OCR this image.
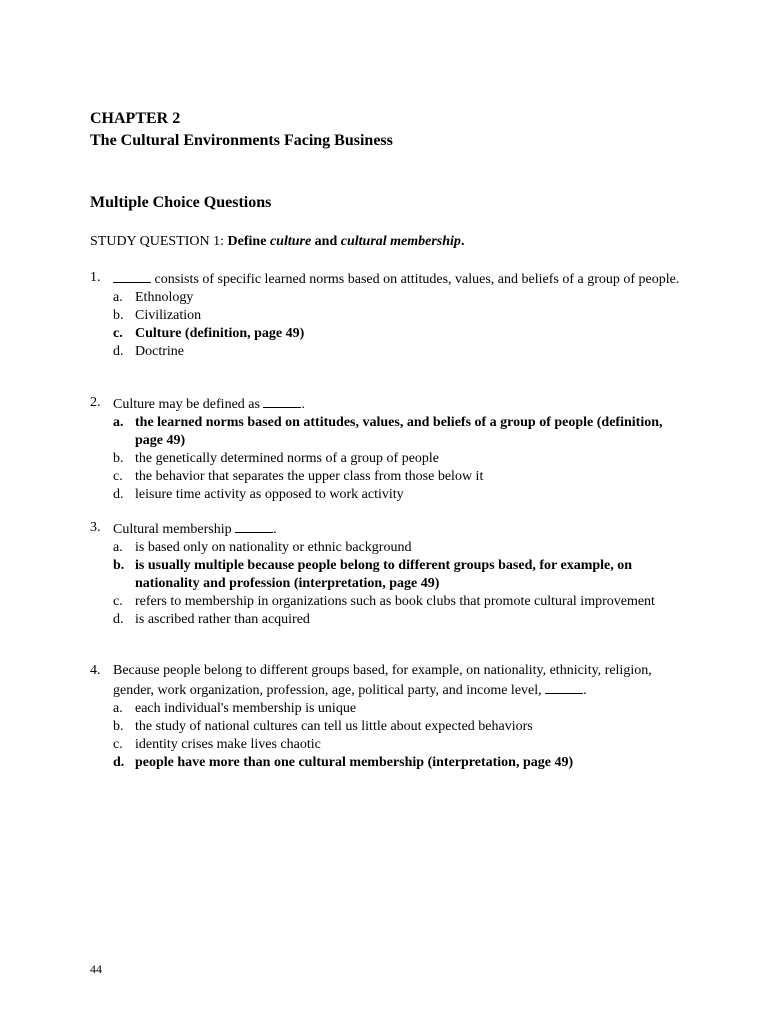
CHAPTER 2
The Cultural Environments Facing Business
Multiple Choice Questions
STUDY QUESTION 1: Define culture and cultural membership.
1.	consists of specific learned norms based on attitudes, values, and beliefs of a group of people.
a. Ethnology
b. Civilization
c. Culture (definition, page 49)
d. Doctrine
2. Culture may be defined as	.
a. the learned norms based on attitudes, values, and beliefs of a group of people (definition, page 49)
b. the genetically determined norms of a group of people
c. the behavior that separates the upper class from those below it
d. leisure time activity as opposed to work activity
3. Cultural membership	.
a. is based only on nationality or ethnic background
b. is usually multiple because people belong to different groups based, for example, on nationality and profession (interpretation, page 49)
c. refers to membership in organizations such as book clubs that promote cultural improvement
d. is ascribed rather than acquired
4. Because people belong to different groups based, for example, on nationality, ethnicity, religion, gender, work organization, profession, age, political party, and income level,	.
a. each individual's membership is unique
b. the study of national cultures can tell us little about expected behaviors
c. identity crises make lives chaotic
d. people have more than one cultural membership (interpretation, page 49)
44
